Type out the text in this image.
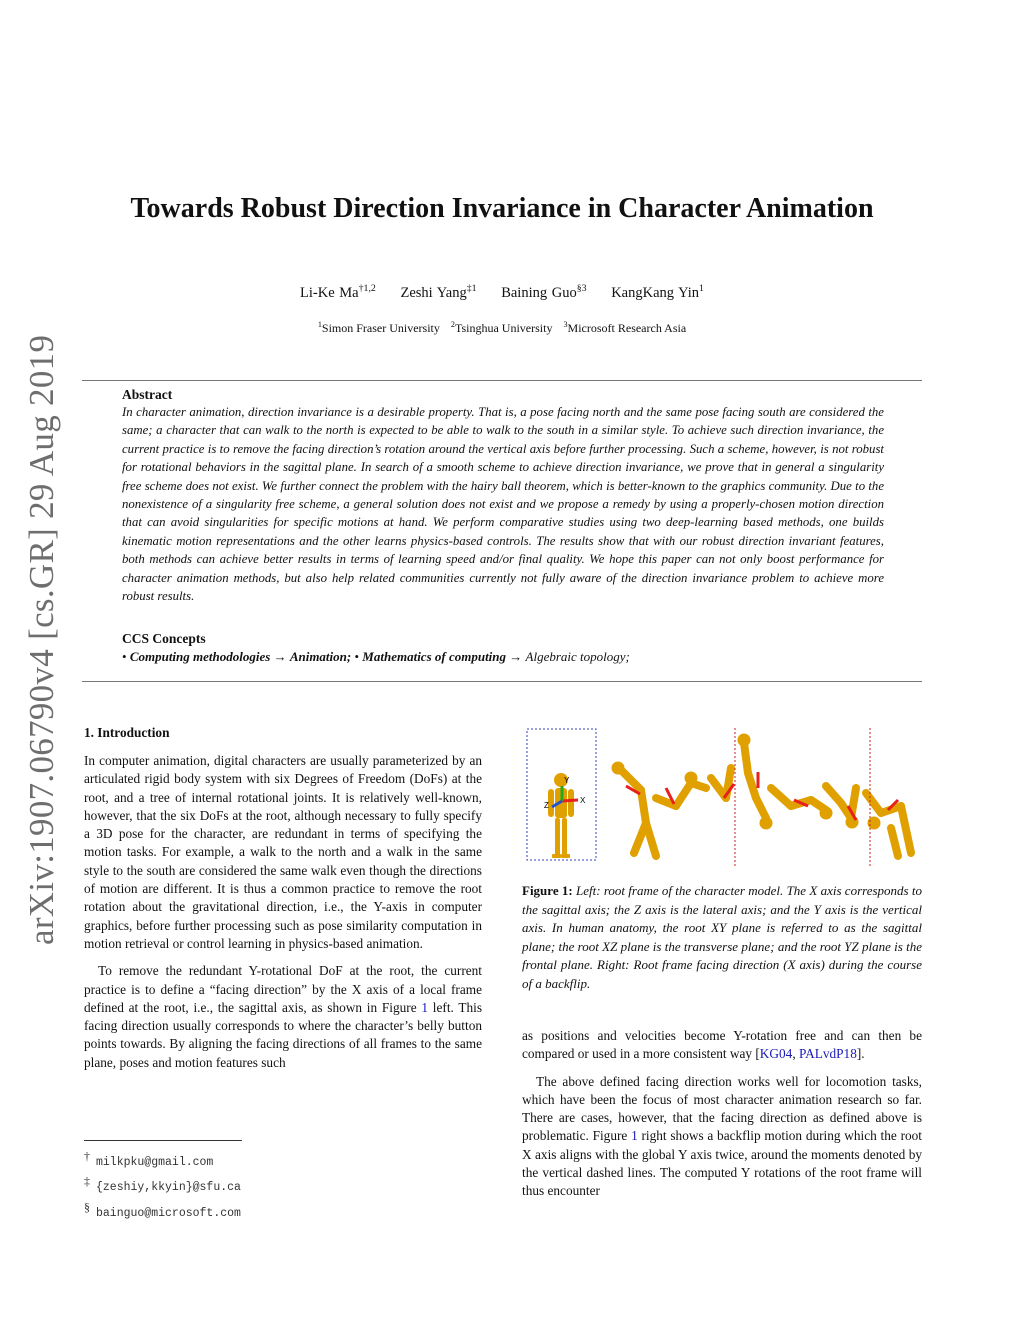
arXiv:1907.06790v4 [cs.GR] 29 Aug 2019
Towards Robust Direction Invariance in Character Animation
Li-Ke Ma$^{\dagger 1,2}$ Zeshi Yang$^{\ddagger 1}$ Baining Guo$^{\S 3}$ KangKang Yin$^1$
$^1$Simon Fraser University $^2$Tsinghua University $^3$Microsoft Research Asia
Abstract

In character animation, direction invariance is a desirable property. That is, a pose facing north and the same pose facing south are considered the same; a character that can walk to the north is expected to be able to walk to the south in a similar style. To achieve such direction invariance, the current practice is to remove the facing direction’s rotation around the vertical axis before further processing. Such a scheme, however, is not robust for rotational behaviors in the sagittal plane. In search of a smooth scheme to achieve direction invariance, we prove that in general a singularity free scheme does not exist. We further connect the problem with the hairy ball theorem, which is better-known to the graphics community. Due to the nonexistence of a singularity free scheme, a general solution does not exist and we propose a remedy by using a properly-chosen motion direction that can avoid singularities for specific motions at hand. We perform comparative studies using two deep-learning based methods, one builds kinematic motion representations and the other learns physics-based controls. The results show that with our robust direction invariant features, both methods can achieve better results in terms of learning speed and/or final quality. We hope this paper can not only boost performance for character animation methods, but also help related communities currently not fully aware of the direction invariance problem to achieve more robust results.

CCS Concepts
• Computing methodologies → Animation; • Mathematics of computing → Algebraic topology;
1. Introduction

In computer animation, digital characters are usually parameterized by an articulated rigid body system with six Degrees of Freedom (DoFs) at the root, and a tree of internal rotational joints. It is relatively well-known, however, that the six DoFs at the root, although necessary to fully specify a 3D pose for the character, are redundant in terms of specifying the motion tasks. For example, a walk to the north and a walk in the same style to the south are considered the same walk even though the directions of motion are different. It is thus a common practice to remove the root rotation about the gravitational direction, i.e., the Y-axis in computer graphics, before further processing such as pose similarity computation in motion retrieval or control learning in physics-based animation.

To remove the redundant Y-rotational DoF at the root, the current practice is to define a “facing direction” by the X axis of a local frame defined at the root, i.e., the sagittal axis, as shown in Figure 1 left. This facing direction usually corresponds to where the character’s belly button points towards. By aligning the facing directions of all frames to the same plane, poses and motion features such

† milkpku@gmail.com
‡ {zeshiy,kkyin}@sfu.ca
§ bainguo@microsoft.com
X
Y
Z
Figure 1: Left: root frame of the character model. The X axis corresponds to the sagittal axis; the Z axis is the lateral axis; and the Y axis is the vertical axis. In human anatomy, the root XY plane is referred to as the sagittal plane; the root XZ plane is the transverse plane; and the root YZ plane is the frontal plane. Right: Root frame facing direction (X axis) during the course of a backflip.

as positions and velocities become Y-rotation free and can then be compared or used in a more consistent way [KG04, PALvdP18].

The above defined facing direction works well for locomotion tasks, which have been the focus of most character animation research so far. There are cases, however, that the facing direction as defined above is problematic. Figure 1 right shows a backflip motion during which the root X axis aligns with the global Y axis twice, around the moments denoted by the vertical dashed lines. The computed Y rotations of the root frame will thus encounter
